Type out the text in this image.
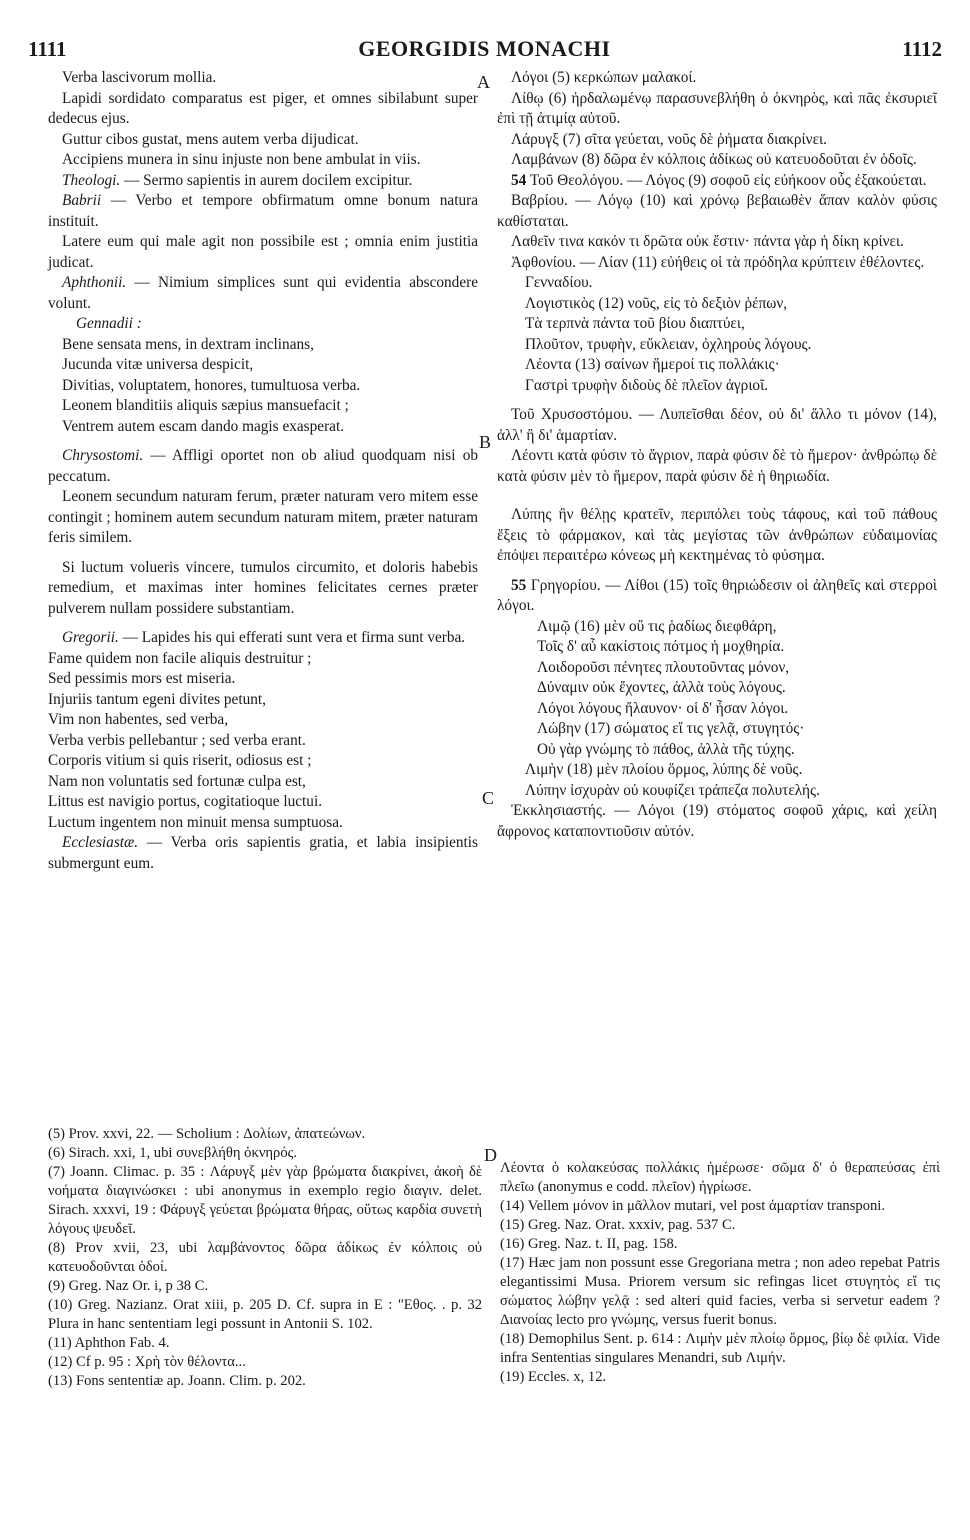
1111	GEORGIDIS MONACHI	1112
A
B
C
D
Verba lascivorum mollia.
Lapidi sordidato comparatus est piger, et omnes sibilabunt super dedecus ejus.
Guttur cibos gustat, mens autem verba dijudicat.
Accipiens munera in sinu injuste non bene ambulat in viis.
Theologi. — Sermo sapientis in aurem docilem excipitur.
Babrii — Verbo et tempore obfirmatum omne bonum natura instituit.
Latere eum qui male agit non possibile est ; omnia enim justitia judicat.
Aphthonii. — Nimium simplices sunt qui evidentia abscondere volunt.
Gennadii :
Bene sensata mens, in dextram inclinans,
Jucunda vitæ universa despicit,
Divitias, voluptatem, honores, tumultuosa verba.
Leonem blanditiis aliquis sæpius mansuefacit ;
Ventrem autem escam dando magis exasperat.
Chrysostomi. — Affligi oportet non ob aliud quodquam nisi ob peccatum.
Leonem secundum naturam ferum, præter naturam vero mitem esse contingit ; hominem autem secundum naturam mitem, præter naturam feris similem.
Si luctum volueris vincere, tumulos circumito, et doloris habebis remedium, et maximas inter homines felicitates cernes præter pulverem nullam possidere substantiam.
Gregorii. — Lapides his qui efferati sunt vera et firma sunt verba.
Fame quidem non facile aliquis destruitur ;
Sed pessimis mors est miseria.
Injuriis tantum egeni divites petunt,
Vim non habentes, sed verba,
Verba verbis pellebantur ; sed verba erant.
Corporis vitium si quis riserit, odiosus est ;
Nam non voluntatis sed fortunæ culpa est,
Littus est navigio portus, cogitatioque luctui.
Luctum ingentem non minuit mensa sumptuosa.
Ecclesiastæ. — Verba oris sapientis gratia, et labia insipientis submergunt eum.
Λόγοι (5) κερκώπων μαλακοί.
Λίθῳ (6) ἠρδαλωμένῳ παρασυνεβλήθη ὁ ὀκνηρὸς, καὶ πᾶς ἐκσυριεῖ ἐπὶ τῇ ἀτιμίᾳ αὐτοῦ.
Λάρυγξ (7) σῖτα γεύεται, νοῦς δὲ ῥήματα διακρίνει.
Λαμβάνων (8) δῶρα ἐν κόλποις ἀδίκως οὐ κατευοδοῦται ἐν ὁδοῖς.
54 Τοῦ Θεολόγου. — Λόγος (9) σοφοῦ εἰς εὐήκοον οὖς ἐξακούεται.
Βαβρίου. — Λόγῳ (10) καὶ χρόνῳ βεβαιωθὲν ἅπαν καλὸν φύσις καθίσταται.
Λαθεῖν τινα κακόν τι δρῶτα οὐκ ἔστιν· πάντα γὰρ ἡ δίκη κρίνει.
Ἀφθονίου. — Λίαν (11) εὐήθεις οἱ τὰ πρόδηλα κρύπτειν ἐθέλοντες.
Γενναδίου.
Λογιστικὸς (12) νοῦς, εἰς τὸ δεξιὸν ῥέπων,
Τὰ τερπνὰ πάντα τοῦ βίου διαπτύει,
Πλοῦτον, τρυφὴν, εὔκλειαν, ὀχληροὺς λόγους.
Λέοντα (13) σαίνων ἥμεροί τις πολλάκις·
Γαστρὶ τρυφὴν διδοὺς δὲ πλεῖον ἀγριοῖ.
Τοῦ Χρυσοστόμου. — Λυπεῖσθαι δέον, οὐ δι' ἄλλο τι μόνον (14), ἀλλ' ἢ δι' ἁμαρτίαν.
Λέοντι κατὰ φύσιν τὸ ἄγριον, παρὰ φύσιν δὲ τὸ ἥμερον· ἀνθρώπῳ δὲ κατὰ φύσιν μὲν τὸ ἥμερον, παρὰ φύσιν δὲ ἡ θηριωδία.
Λύπης ἢν θέλῃς κρατεῖν, περιπόλει τοὺς τάφους, καὶ τοῦ πάθους ἕξεις τὸ φάρμακον, καὶ τὰς μεγίστας τῶν ἀνθρώπων εὐδαιμονίας ἐπόψει περαιτέρω κόνεως μὴ κεκτημένας τὸ φύσημα.
55 Γρηγορίου. — Λίθοι (15) τοῖς θηριώδεσιν οἱ ἀληθεῖς καὶ στερροὶ λόγοι.
Λιμῷ (16) μὲν οὔ τις ῥαδίως διεφθάρη,
Τοῖς δ' αὖ κακίστοις πότμος ἡ μοχθηρία.
Λοιδοροῦσι πένητες πλουτοῦντας μόνον,
Δύναμιν οὐκ ἔχοντες, ἀλλὰ τοὺς λόγους.
Λόγοι λόγους ἤλαυνον· οἱ δ' ἦσαν λόγοι.
Λώβην (17) σώματος εἴ τις γελᾷ, στυγητός·
Οὐ γὰρ γνώμης τὸ πάθος, ἀλλὰ τῆς τύχης.
Λιμὴν (18) μὲν πλοίου ὅρμος, λύπης δὲ νοῦς.
Λύπην ἰσχυρὰν οὐ κουφίζει τράπεζα πολυτελής.
Ἐκκλησιαστής. — Λόγοι (19) στόματος σοφοῦ χάρις, καὶ χείλη ἄφρονος καταποντιοῦσιν αὐτόν.
(5) Prov. xxvi, 22. — Scholium : Δολίων, ἀπατεώνων.
(6) Sirach. xxi, 1, ubi συνεβλήθη ὀκνηρός.
(7) Joann. Climac. p. 35 : Λάρυγξ μὲν γὰρ βρώματα διακρίνει, ἀκοὴ δὲ νοήματα διαγινώσκει : ubi anonymus in exemplo regio διαγιν. delet. Sirach. xxxvi, 19 : Φάρυγξ γεύεται βρώματα θήρας, οὕτως καρδία συνετὴ λόγους ψευδεῖ.
(8) Prov xvii, 23, ubi λαμβάνοντος δῶρα ἀδίκως ἐν κόλποις οὐ κατευοδοῦνται ὁδοί.
(9) Greg. Naz Or. i, p 38 C.
(10) Greg. Nazianz. Orat xiii, p. 205 D. Cf. supra in E : "Εθος. . p. 32 Plura in hanc sententiam legi possunt in Antonii S. 102.
(11) Aphthon Fab. 4.
(12) Cf p. 95 : Χρὴ τὸν θέλοντα...
(13) Fons sententiæ ap. Joann. Clim. p. 202.
Λέοντα ὁ κολακεύσας πολλάκις ἡμέρωσε· σῶμα δ' ὁ θεραπεύσας ἐπὶ πλεῖω (anonymus e codd. πλεῖον) ἠγρίωσε.
(14) Vellem μόνον in μᾶλλον mutari, vel post ἁμαρτίαν transponi.
(15) Greg. Naz. Orat. xxxiv, pag. 537 C.
(16) Greg. Naz. t. II, pag. 158.
(17) Hæc jam non possunt esse Gregoriana metra ; non adeo repebat Patris elegantissimi Musa. Priorem versum sic refingas licet στυγητὸς εἴ τις σώματος λώβην γελᾷ : sed alteri quid facies, verba si servetur eadem ? Διανοίας lecto pro γνώμης, versus fuerit bonus.
(18) Demophilus Sent. p. 614 : Λιμὴν μὲν πλοίῳ ὅρμος, βίῳ δὲ φιλία. Vide infra Sententias singulares Menandri, sub Λιμήν.
(19) Eccles. x, 12.
